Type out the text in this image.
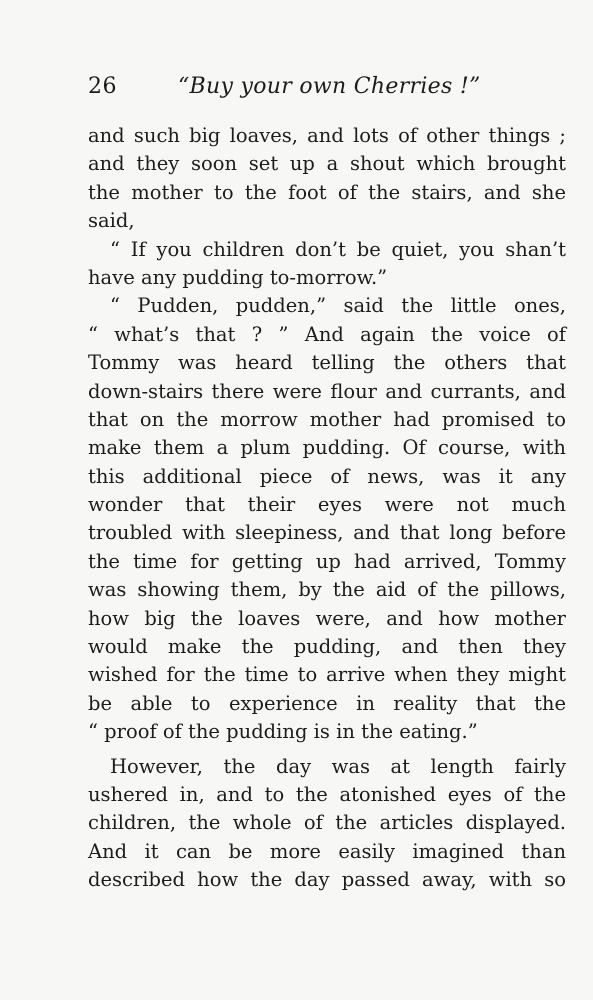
26	“Buy your own Cherries !”
and such big loaves, and lots of other things ;
and they soon set up a shout which brought
the mother to the foot of the stairs, and she
said,
“ If you children don’t be quiet, you shan’t
have any pudding to-morrow.”
“ Pudden, pudden,” said the little ones,
“ what’s that ? ” And again the voice of
Tommy was heard telling the others that
down-stairs there were flour and currants, and
that on the morrow mother had promised to
make them a plum pudding. Of course, with
this additional piece of news, was it any
wonder that their eyes were not much
troubled with sleepiness, and that long before
the time for getting up had arrived, Tommy
was showing them, by the aid of the pillows,
how big the loaves were, and how mother
would make the pudding, and then they
wished for the time to arrive when they might
be able to experience in reality that the
“ proof of the pudding is in the eating.”
However, the day was at length fairly
ushered in, and to the atonished eyes of the
children, the whole of the articles displayed.
And it can be more easily imagined than
described how the day passed away, with so
